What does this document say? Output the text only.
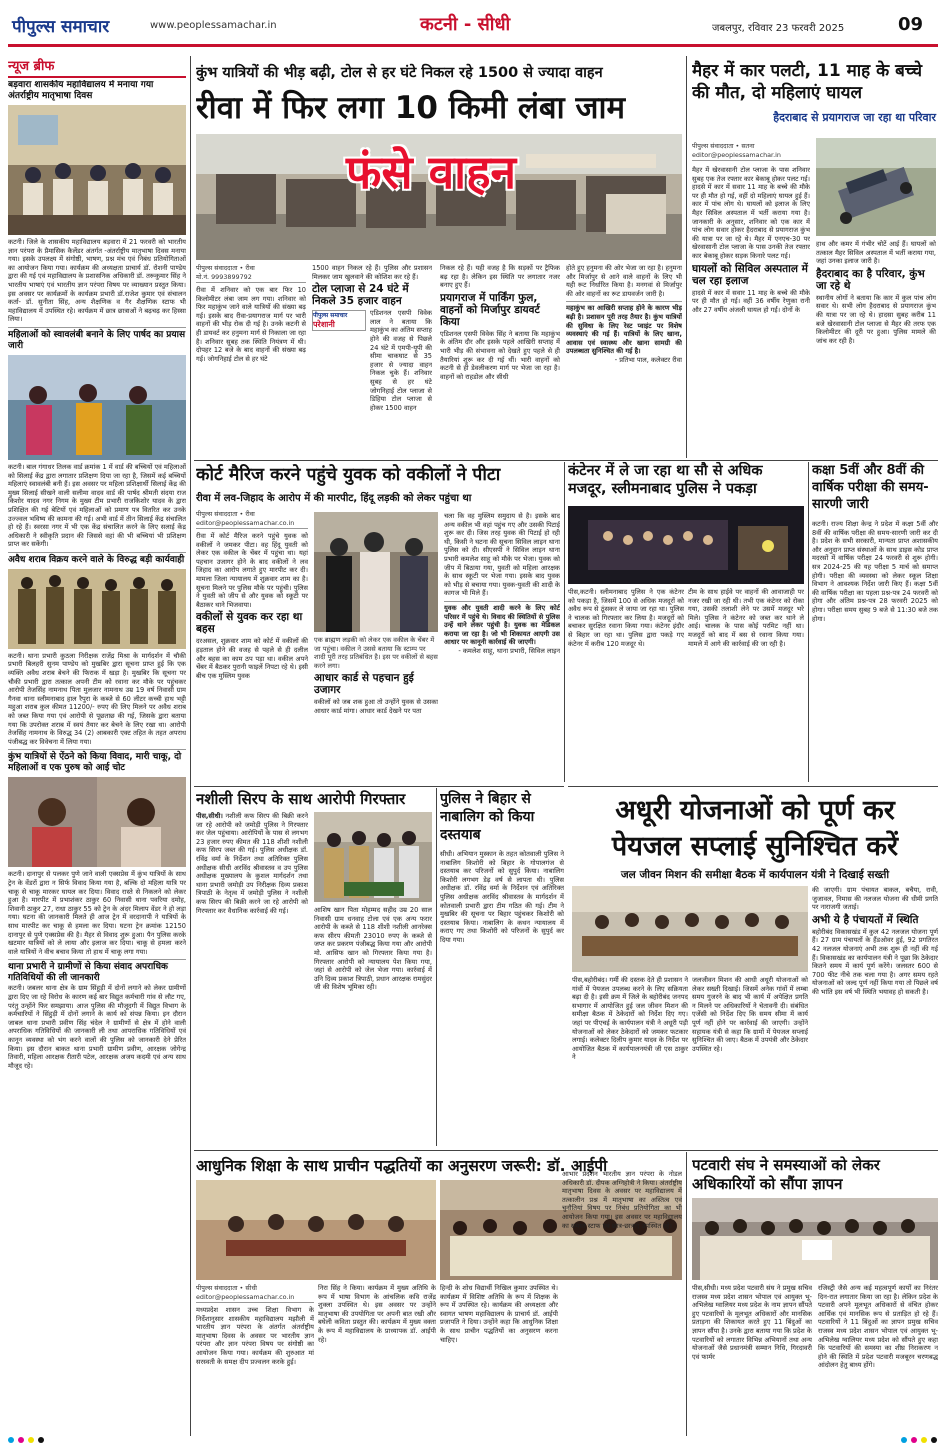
पीपुल्स समाचार	www.peoplessamachar.in	कटनी - सीधी	जबलपुर, रविवार 23 फरवरी 2025	09
न्यूज ब्रीफ
बड़वारा शासकीय महाविद्यालय में मनाया गया अंतर्राष्ट्रीय मातृभाषा दिवस
कटनी। जिले के शासकीय महाविद्यालय बड़वारा में 21 फरवरी को भारतीय ज्ञान परंपरा के प्रैमासिक कैलेंडर अंतर्गत -अंतर्राष्ट्रीय मातृभाषा दिवस मनाया गया। इसके उपलक्ष्य में संगोष्ठी, भाषण, प्रश्न मंच एवं निबंध प्रतियोगिताओं का आयोजन किया गया। कार्यक्रम की अध्यक्षता प्राचार्य डॉ. रोशनी पाण्डेय द्वारा की गई एवं महाविद्यालय के प्रशासनिक अधिकारी डॉ. तरूकुमार सिंह ने भारतीय भाषाएं एवं भारतीय ज्ञान परंपरा विषय पर व्याख्यान प्रस्तुत किया। इस अवसर पर कार्यक्रमों के कार्यक्रम प्रभारी डॉ.राजेश कुमार एवं संचालन कर्ता- डॉ. सुनीता सिंह, अन्य शैक्षणिक व गैर शैक्षणिक स्टाफ भी महाविद्यालय में उपस्थित रहे। कार्यक्रम में छात्र छात्राओं ने बढ़चढ़ कर हिस्सा लिया।
महिलाओं को स्वावलंबी बनाने के लिए पार्षद का प्रयास जारी
कटनी। बाल गंगाधर तिलक वार्ड क्रमांक 1 में वार्ड की बच्चियों एवं महिलाओं को सिलाई केंद्र द्वारा लगातार प्रशिक्षण दिया जा रहा है, जिसमें कई बच्चियों महिलाएं स्वावलंबी बनी हैं। इस अवसर पर महिला प्रशिक्षार्थी सिलाई केंद्र की मुख्य सिलाई सीखने वाली सलीमा वादव वार्ड की पार्षद श्रीमती संदया राज किशोर यादव नगर निगम के मुख्य टीम प्रभारी राजकिशोर यादव के द्वारा प्रशिक्षित की गई बेटियों एवं महिलाओं को प्रमाण पत्र वितरित कर उनके उज्ज्वल भविष्य की कामना की गई। अभी वार्ड में तीन सिलाई केंद्र संचालित हो रहे हैं। स्वरसा नगर में भी एक केंद्र संचालित करने के लिए सलाई केंद्र अधिकारी ने स्वीकृति प्रदान की जिससे वहां की भी बच्चियां भी प्रशिक्षण प्राप्त कर सकेंगी।
अवैध शराब विक्रय करने वाले के विरुद्ध बड़ी कार्यवाही
कटनी। थाना प्रभारी कुठला निरीक्षक राजेंद्र मिश्रा के मार्गदर्शन में चौकी प्रभारी बिलहरी सुनम पाण्डेय को मुखबिर द्वारा सूचना प्राप्त हुई कि एक व्यक्ति अवैध शराब बेचने की फिराक में खड़ा है। मुखबिर कि सूचना पर चौकी प्रभारी द्वारा तत्काल अपनी टीम को रवाना कर मौके पर पहुंचकर आरोपी तेजसिंह नामनाथ पिता मुलजार नामनाथ उम्र 19 वर्ष निवासी ग्राम गैनवा थाना स्लीमनाबाद हाल रैपुरा के कब्जे से 60 लीटर कच्ची हाथ भट्टी महुआ शराब कुल कीमत 11200/- रुपए की लिए मिलने पर अवैध शराब को जब्त किया गया एवं आरोपी से पूछताछ की गई, जिसके द्वारा बताया गया कि उपरोक्त शराब में स्वयं तैयार कर बेचने के लिए रखा था। आरोपी तेजसिंह नामनाथ के विरुद्ध 34 (2) आबकारी एक्ट तहित के तहत अपराध पंजीबद्ध कर विवेचना में लिया गया।
कुंभ यात्रियों से ऐंठने को किया विवाद, मारी चाकू, दो महिलाओं व एक पुरुष को आई चोट
कटनी। दानापुर से पलकर पुणे जाने वाली एक्सप्रेस में कुंभ यात्रियों के साथ ट्रेन के वेंडरों द्वारा न सिर्फ विवाद किया गया है, बल्कि दो महिला यात्रि पर चाकू से चाकू मारकर घायल कर दिया। विवाद रास्ते से निकलने को लेकर हुआ है। मारपीट में प्रभाशंकर ठाकुर 60 निवासी थाना पवरिया दमोह, शिवानी ठाकुर 27, राधा ठाकुर 55 को ट्रेन के अंदर मिलाप वेंडर ने हो लड़ा गया। घटना की जानकारी मिलते ही आज ट्रेन में वरदानापी ने यात्रियों के साथ मारपीट कर चाकू से हमला कर दिया। घटना ट्रेन क्रमांक 12150 दानापुर से पुणे एक्सप्रेस की है। मैहर से विवाद शुरू हुआ। पैन पुलिस करके खटमार यात्रियों को ले लाया और इलाज कर दिया। चाकू से हमला करने वाले यात्रियों ने वीच बचाव किया तो हाथ में चाकू लगा गया।
थाना प्रभारी ने ग्रामीणों से किया संवाद अपराधिक गतिविधियों की ली जानकारी
कटनी। जबलर थाना क्षेत्र के ग्राम सिंहुड़ी में दोनों लगाने को लेकर ग्रामीणों द्वारा दिए जा रहे विरोध के कारण कई बार विद्युत कर्मचारी गांव से लौट गए, परंतु उन्होंने फिर समझाया। आज पुलिस की मौजूदगी में विद्युत विभाग के कर्मचारियों ने सिंहुड़ी में दोनों लगाने के कार्य को संपन्न किया। इन दौरान जाबल थाना प्रभारी प्रवीण सिंह चंदेल ने ग्रामीणों से क्षेत्र में होने वाली अपराधिक गतिविधियों की जानकारी ली तथा आपराधिक गतिविधियों एवं कानून व्यवस्था को भंग करने वालों की पुलिस को जानकारी देने प्रेरित किया। इस दौरान बाकत थाना प्रभारी ग्रामीण प्रवीण, आरक्षक जोगेन्द्र तिवारी, महिला आरक्षक रीतारी पटेल, आरक्षक अजय कदमी एवं अन्य साथ मौजूद रहे।
कुंभ यात्रियों की भीड़ बढ़ी, टोल से हर घंटे निकल रहे 1500 से ज्यादा वाहन
रीवा में फिर लगा 10 किमी लंबा जाम
फंसे वाहन
पीपुल्स संवाददाता • रीवा
मो.नं. 9993899792
रीवा में शनिवार को एक बार फिर 10 किलोमीटर लंबा जाम लग गया। शनिवार को फिर महाकुंभ जाने वाले यात्रियों की संख्या बढ़ गई। इसके बाद रीवा-प्रयागराज मार्ग पर भारी वाहनों की भीड़ रोक दी गई है। उनके कटनी से ही डायवर्ट कर हनुमना मार्ग से निकाला जा रहा है। शनिवार सुबह तक स्थिति नियंत्रण में थी। दोपहर 12 बजे के बाद वाहनों की संख्या बढ़ गई। जोगनिहाई टोल से हर घंटे
1500 वाहन निकल रहे हैं। पुलिस और प्रशासन मिलकर जाम खुलवाने की कोशिश कर रहे हैं।
टोल प्लाजा से 24 घंटे में निकले 35 हजार वाहन
पीपुल्स समाचार
परेशानी
एडिशनल एसपी विवेक लाल ने बताया कि महाकुंभ का अंतिम सप्ताह होने की वजह से पिछले 24 घंटे में एमपी-यूपी की सीमा चाकघाट से 35 हजार से ज्यादा वाहन निकल चुके हैं। शनिवार सुबह से हर घंटे जोगनिहाई टोल प्लाजा से डिहिया टोल प्लाजा से होकर 1500 वाहन
निकल रहे हैं। यही वजह है कि सड़कों पर ट्रैफिक बढ़ रहा है। लेकिन इस स्थिति पर लगातार नजर बनाए हुए हैं।
प्रयागराज में पार्किंग फुल, वाहनों को मिर्जापुर डायवर्ट किया
एडिशनल एसपी विवेक सिंह ने बताया कि महाकुंभ के अंतिम दौर और इसके पहले आखिरी सप्ताह में भारी भीड़ की संभावना को देखते हुए पहले से ही तैयारियां शुरू कर दी गई थीं। भारी वाहनों को कटनी से ही डेवलीकरण मार्ग पर भेजा जा रहा है। वाहनों को राहडोल और सीधी
होते हुए हनुमना की ओर भेजा जा रहा है। हनुमना और मिर्जापुर से आने वाले वाहनों के लिए भी यही रूट निर्धारित किया है। मनगवां से मिर्जापुर की ओर वाहनों का रूट डायवर्जन जारी है।
महाकुंभ का आखिरी सप्ताह होने के कारण भीड़ बढ़ी है। प्रशासन पूरी तरह तैयार है। कुंभ यात्रियों की सुविधा के लिए रेस्ट प्वाइंट पर विशेष व्यवस्थाएं की गई हैं। यात्रियों के लिए खाना, आवास एवं स्वास्थ्य और खाना सामग्री की उपलब्धता सुनिश्चित की गई है।
- प्रतिभा पाल, कलेक्टर रीवा
मैहर में कार पलटी, 11 माह के बच्चे की मौत, दो महिलाएं घायल
हैदराबाद से प्रयागराज जा रहा था परिवार
पीपुल्स संवाददाता • सतना
editor@peoplessamachar.in
मैहर में खेरवासानी टोल प्लाजा के पास शनिवार सुबह एक तेज रफ्तार कार बेकाबू होकर पलट गई। हादसे में कार में सवार 11 माह के बच्चे की मौके पर ही मौत हो गई, वहीं दो महिलाएं घायल हुई हैं। कार में पांच लोग थे। घायलों को इलाज के लिए मैहर सिविल अस्पताल में भर्ती कराया गया है। जानकारी के अनुसार, शनिवार को एक कार में पांच लोग सवार होकर हैदराबाद से प्रयागराज कुंभ की यात्रा पर जा रहे थे। मैहर में एनएच-30 पर खेरवासानी टोल प्लाजा के पास उनकी तेज रफ्तार कार बेकाबू होकर सड़क किनारे पलट गई।
घायलों को सिविल अस्पताल में चल रहा इलाज
हादसे में कार में सवार 11 माह के बच्चे की मौके पर ही मौत हो गई। वहीं 36 वर्षीय रेणुका रानी और 27 वर्षीय अंजली घायल हो गईं। दोनों के
हाथ और कमर में गंभीर चोटें आई हैं। घायलों को तत्काल मैहर सिविल अस्पताल में भर्ती कराया गया, जहां उनका इलाज जारी है।
हैदराबाद का है परिवार, कुंभ जा रहे थे
स्थानीय लोगों ने बताया कि कार में कुल पांच लोग सवार थे। सभी लोग हैदराबाद से प्रयागराज कुंभ की यात्रा पर जा रहे थे। हादसा सुबह करीब 11 बजे खेरवासानी टोल प्लाजा से मैहर की तरफ एक किलोमीटर की दूरी पर हुआ। पुलिस मामले की जांच कर रही है।
कोर्ट मैरिज करने पहुंचे युवक को वकीलों ने पीटा
रीवा में लव-जिहाद के आरोप में की मारपीट, हिंदू लड़की को लेकर पहुंचा था
पीपुल्स संवाददाता • रीवा
editor@peoplessamachar.co.in
रीवा में कोर्ट मैरिज करने पहुंचे युवक को वकीलों ने जमकर पीटा। वह हिंदू युवती को लेकर एक वकील के चेंबर में पहुंचा था। यहां पहचान उजागर होने के बाद वकीलों ने लव जिहाद का आरोप लगाते हुए मारपीट कर दी। मामला जिला न्यायालय में शुक्रवार शाम का है। सूचना मिलने पर पुलिस मौके पर पहुंची। पुलिस ने युवती को जीप से और युवक को स्कूटी पर बैठाकर थाने भिजवाया।
वकीलों से युवक कर रहा था बहस
दरअसल, शुक्रवार शाम को कोर्ट में वकीलों की हड़ताल होने की वजह से पहले से ही दलील और बहस का काम ठप पड़ा था। वकील अपने चेंबर में बैठकर पुरानी फाइलें निपटा रहे थे। इसी बीच एक मुस्लिम युवक
एक ब्राह्मण लड़की को लेकर एक वकील के चेंबर में जा पहुंचा। वकील ने उससे बताया कि स्टाम्प पर शादी पूरी तरह प्रतिबंधित है। इस पर वकीलों से बहस करने लगा।
आधार कार्ड से पहचान हुई उजागर
वकीलों को जब शक हुआ तो उन्होंने युवक से उसका आधार कार्ड मांगा। आधार कार्ड देखने पर पता
चला कि वह मुस्लिम समुदाय से है। इसके बाद अन्य वकील भी वहां पहुंच गए और उसकी पिटाई शुरू कर दी। जिस तरह युवक की पिटाई हो रही थी, किसी ने घटना की सूचना सिविल लाइन थाना पुलिस को दी। सीएसपी ने सिविल लाइन थाना प्रभारी कमलेश साहू को मौके पर भेजा। युवक को जीप में बिठाया गया, युवती को महिला आरक्षक के साथ स्कूटी पर भेजा गया। इसके बाद युवक को भीड़ से बचाया गया। युवक-युवती की शादी के कागज भी मिले हैं।
युवक और युवती शादी करने के लिए कोर्ट परिसर में पहुंचे थे। विवाद की स्थितियों से पुलिस उन्हें थाने लेकर पहुंची है। युवक का मेडिकल कराया जा रहा है। जो भी शिकायत आएगी उस आधार पर कानूनी कार्रवाई की जाएगी।
- कमलेश साहू, थाना प्रभारी, सिविल लाइन
कंटेनर में ले जा रहा था सौ से अधिक मजदूर, स्लीमनाबाद पुलिस ने पकड़ा
पीस,कटनी। स्लीमनाबाद पुलिस ने एक कंटेनर को पकड़ा है, जिसमें 100 से अधिक मजदूरों को अवैध रूप से ठूंसकर ले जाया जा रहा था। पुलिस ने चालक को गिरफ्तार कर लिया है। मजदूरों को बचाकर सुरक्षित रवाना किया गया। कंटेनर इंदौर से बिहार जा रहा था। पुलिस द्वारा पकड़े गए कंटेनर में करीब 120 मजदूर थे।
टीम के साथ हाईवे पर वाहनों की आवाजाही पर नजर रखी जा रही थी। तभी एक कंटेनर को रोका गया, उसकी तलाशी लेने पर उसमें मजदूर भरे मिले। पुलिस ने कंटेनर को जब्त कर थाने ले आई। चालक के पास कोई परमिट नहीं था। मजदूरों को बाद में बस से रवाना किया गया। मामले में आगे की कार्रवाई की जा रही है।
कक्षा 5वीं और 8वीं की वार्षिक परीक्षा की समय-सारणी जारी
कटनी। राज्य शिक्षा केन्द्र ने प्रदेश में कक्षा 5वीं और 8वीं की वार्षिक परीक्षा की समय-सारणी जारी कर दी है। प्रदेश के सभी सरकारी, मान्यता प्राप्त अशासकीय और अनुदान प्राप्त संस्थाओं के साथ डाइस कोड प्राप्त मदरसों में वार्षिक परीक्षा 24 फरवरी से शुरू होगी। सत्र 2024-25 की यह परीक्षा 5 मार्च को समाप्त होगी। परीक्षा की व्यवस्था को लेकर स्कूल शिक्षा विभाग ने आवश्यक निर्देश जारी किए हैं। कक्षा 5वीं की वार्षिक परीक्षा का पहला प्रश्न-पत्र 24 फरवरी को होगा और अंतिम प्रश्न-पत्र 28 फरवरी 2025 को होगा। परीक्षा समय सुबह 9 बजे से 11:30 बजे तक होगा।
नशीली सिरप के साथ आरोपी गिरफ्तार
पीस,सीधी। नशीली कफ सिरप की बिक्री करने जा रहे आरोपी को जमोड़ी पुलिस ने गिरफ्तार कर जेल पहुंचाया। आरोपियों के पास से लगभग 23 हजार रुपए कीमत की 118 शीशी नशीली कफ सिरप जब्त की गई। पुलिस अधीक्षक डॉ. रविंद्र वर्मा के निर्देशन तथा अतिरिक्त पुलिस अधीक्षक सीधी अरविंद श्रीवास्तव व उप पुलिस अधीक्षक मुख्यालय के कुशल मार्गदर्शन तथा थाना प्रभारी जमोड़ी उप निरीक्षक दिव्य प्रकाश त्रिपाठी के नेतृत्व में जमोड़ी पुलिस ने नशीली कफ सिरप की बिक्री करने जा रहे आरोपी को गिरफ्तार कर वैधानिक कार्रवाई की गई।	आशिष खान पिता मोहम्मद सहीद उम्र 20 साल निवासी ग्राम धनवाह टोला एवं एक अन्य फरार आरोपी के कब्जे से 118 शीशी नशीली आनरेक्स कफ सीरप कीमती 23010 रुपए के कब्जे से जप्त कर प्रकरण पंजीबद्ध किया गया और आरोपी मो. आसिफ खान को गिरफ्तार किया गया है। गिरफ्तार आरोपी को न्यायालय पेश किया गया, जहां से आरोपी को जेल भेजा गया। कार्रवाई में उनि दिव्य प्रकाश त्रिपाठी, प्रधान आरक्षक रामसुंदर जी की विशेष भूमिका रही।
पुलिस ने बिहार से नाबालिग को किया दस्तयाब
सीधी। अभियान मुस्कान के तहत कोतवाली पुलिस ने नाबालिग किशोरी को बिहार के गोपालगंज से दस्तयाब कर परिजनों को सुपुर्द किया। नाबालिग किशोरी लगभग डेढ़ वर्ष से लापता थी। पुलिस अधीक्षक डॉ. रविंद्र वर्मा के निर्देशन एवं अतिरिक्त पुलिस अधीक्षक अरविंद श्रीवास्तव के मार्गदर्शन में कोतवाली प्रभारी द्वारा टीम गठित की गई। टीम ने मुखबिर की सूचना पर बिहार पहुंचकर किशोरी को दस्तयाब किया। नाबालिग के कथन न्यायालय में कराए गए तथा किशोरी को परिजनों के सुपुर्द कर दिया गया।
अधूरी योजनाओं को पूर्ण कर
पेयजल सप्लाई सुनिश्चित करें
जल जीवन मिशन की समीक्षा बैठक में कार्यपालन यंत्री ने दिखाई सख्ती
पीस,बहोरीबंद। गर्मी की दस्तक देते ही प्रशासन ने गांवों में पेयजल उपलब्ध करने के लिए सक्रियता बढ़ा दी है। इसी क्रम में जिले के बहोरीबंद जनपद सभागार में आयोजित हुई जल जीवन मिशन की समीक्षा बैठक में ठेकेदारों को निर्देश दिए गए। जहां पर पीएचई के कार्यपालन यंत्री ने अधूरी पड़ी योजनाओं को लेकर ठेकेदारों को जमकर फटकार लगाई। कलेक्टर दिलीप कुमार यादव के निर्देश पर आयोजित बैठक में कार्यपालनयंत्री जी एस ठाकुर ने
जलजीवन मिशन की आधी अधूरी योजनाओं को लेकर सख्ती दिखाई। जिसमें अनेक गांवों में लम्बा समय गुजरने के बाद भी कार्य में अपेक्षित प्रगति न मिलने पर अधिकारियों ने चेतावनी दी। संबंधित एजेंसी को निर्देश दिए कि समय सीमा में कार्य पूर्ण नहीं होने पर कार्रवाई की जाएगी। उन्होंने सहायक यंत्री से कहा कि ग्रामों में पेयजल सप्लाई सुनिश्चित की जाए। बैठक में उपयंत्री और ठेकेदार उपस्थित रहे।
की जाएगी। ग्राम पंचायत बाकल, बचैया, रावी, जुजावल, निमास की नलजल योजना की धीमी प्रगति पर नाराजगी जताई।
अभी ये है पंचायतों में स्थिति
बहोरीबंद विकासखंड में कुल 42 नलजल योजना पूर्ण हैं। 27 ग्राम पंचायतों के हैंडओवर हुई, 92 प्रगतिरत 42 नलजल योजनाएं अभी तक शुरू ही नहीं की गई हैं। विकासखंड का कार्यपालन यंत्री ने पूछा कि ठेकेदार कितने समय में कार्य पूर्ण करेंगे। जलस्तर 600 से 700 फीट नीचे तक चला गया है। अगर समय रहते योजनाओं को जल्द पूर्ण नहीं किया गया तो पिछले वर्ष की भांति इस वर्ष भी स्थिति भयावह हो सकती है।
आधुनिक शिक्षा के साथ प्राचीन पद्धतियों का अनुसरण जरूरी: डॉ. आईपी
पीपुल्स संवाददाता • सीधी
editor@peoplessamachar.co.in
मध्यप्रदेश शासन उच्च शिक्षा विभाग के निर्देशानुसार शासकीय महाविद्यालय मझौली में भारतीय ज्ञान परंपरा के अंतर्गत अंतर्राष्ट्रीय मातृभाषा दिवस के अवसर पर भारतीय ज्ञान परंपरा और ज्ञान परंपरा विषय पर संगोष्ठी का आयोजन किया गया। कार्यक्रम की शुरुआत मां सरस्वती के समक्ष दीप प्रज्वलन करके हुई।
निरा सिंह ने किया। कार्यक्रम में मुख्य अतिथि के रूप में भाषा विभाग के आंचलिक कवि राजेंद्र शुक्ला उपस्थित थे। इस अवसर पर उन्होंने मातृभाषा की उपयोगिता पर अपनी बात रखी और बघेली कविता प्रस्तुत की। कार्यक्रम में मुख्य वक्ता के रूप में महाविद्यालय के प्राध्यापक डॉ. आईपी रहे।
हिन्दी के शोध विद्यार्थी निखिल कुमार उपस्थित थे। कार्यक्रम में विशिष्ट अतिथि के रूप में शिक्षक के रूप में उपस्थित रहे। कार्यक्रम की अध्यक्षता और स्वागत भाषण महाविद्यालय के प्राचार्य डॉ. आईपी प्रजापति ने दिया। उन्होंने कहा कि आधुनिक शिक्षा के साथ प्राचीन पद्धतियों का अनुसरण करना चाहिए।
आभार प्रदर्शन भारतीय ज्ञान परंपरा के नोडल अधिकारी डॉ. दीपक अग्निहोत्री ने किया। अंतर्राष्ट्रीय मातृभाषा दिवस के अवसर पर महाविद्यालय में तत्कालीन प्रश्न में मातृभाषा का अस्तित्व एवं चुनौतियां विषय पर निबंध प्रतियोगिता का भी आयोजन किया गया। इस अवसर पर महाविद्यालय का समस्त स्टाफ एवं छात्र-छात्राएं उपस्थित रहे।
पटवारी संघ ने समस्याओं को लेकर अधिकारियों को सौंपा ज्ञापन
पीस,सीधी। मध्य प्रदेश पटवारी संघ ने प्रमुख सचिव राजस्व मध्य प्रदेश शासन भोपाल एवं आयुक्त भू-अभिलेख ग्वालियर मध्य प्रदेश के नाम ज्ञापन सौंपते हुए पटवारियों के मूलभूत अधिकारों और मानसिक प्रताड़ना की शिकायत करते हुए 11 बिंदुओं का ज्ञापन सौंपा है। उनके द्वारा बताया गया कि प्रदेश के पटवारियों को लगातार विभिन्न अभियानों तथा अन्य योजनाओं जैसे प्रधानमंत्री सम्मान निधि, गिरदावरी एवं फार्मर
रजिस्ट्री जैसे अन्य कई महत्वपूर्ण कार्यों का निरंतर दिन-रात लगातार किया जा रहा है। लेकिन प्रदेश के पटवारी अपने मूलभूत अधिकारों से वंचित होकर आर्थिक एवं मानसिक रूप से प्रताड़ित हो रहे हैं। पटवारियों ने 11 बिंदुओं का ज्ञापन प्रमुख सचिव राजस्व मध्य प्रदेश शासन भोपाल एवं आयुक्त भू-अभिलेख ग्वालियर मध्य प्रदेश को सौंपते हुए कहा कि पटवारियों की समस्या का शीघ्र निराकरण न होने की स्थिति में प्रदेश पटवारी मजबूरन चरणबद्ध आंदोलन हेतु बाध्य होंगे।
